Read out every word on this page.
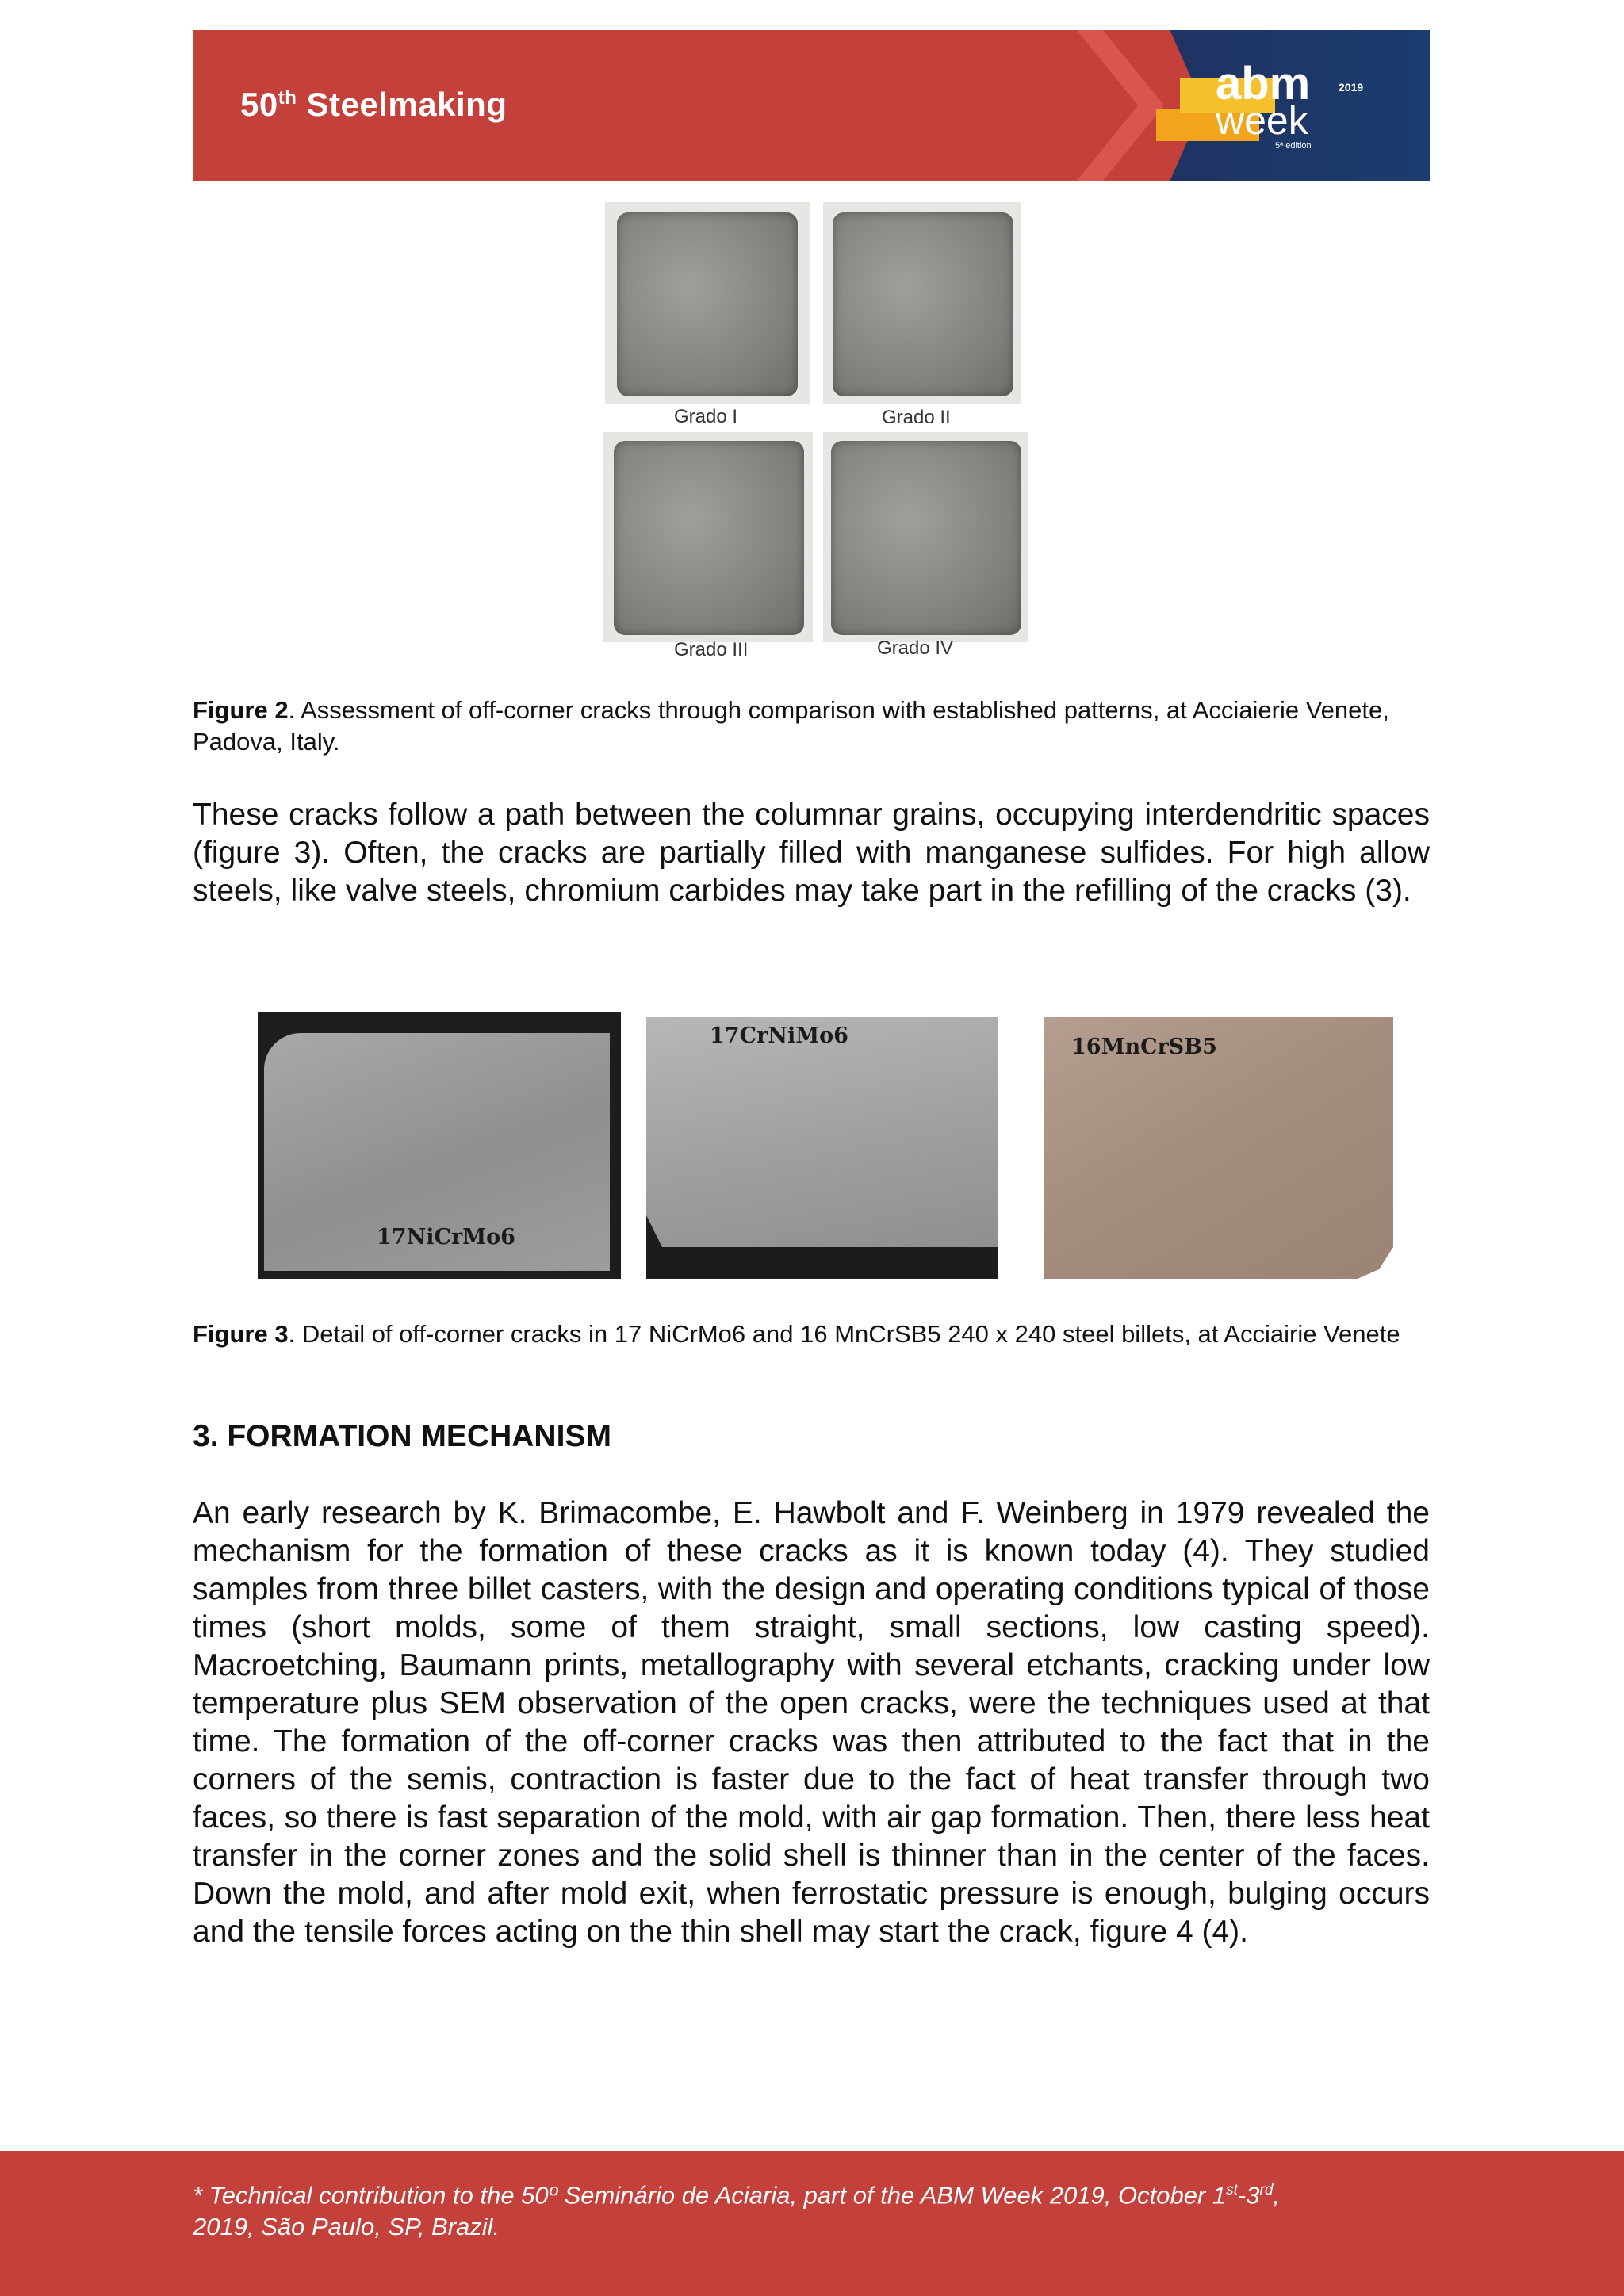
50th Steelmaking	abm
week
2019
5ª edition
Grado I	Grado II
Grado III	Grado IV
Figure 2. Assessment of off-corner cracks through comparison with established patterns, at Acciaierie Venete, Padova, Italy.
These cracks follow a path between the columnar grains, occupying interdendritic spaces (figure 3). Often, the cracks are partially filled with manganese sulfides. For high allow steels, like valve steels, chromium carbides may take part in the refilling of the cracks (3).
17NiCrMo6
17CrNiMo6	16MnCrSB5
Figure 3. Detail of off-corner cracks in 17 NiCrMo6 and 16 MnCrSB5 240 x 240 steel billets, at Acciairie Venete
3. FORMATION MECHANISM
An early research by K. Brimacombe, E. Hawbolt and F. Weinberg in 1979 revealed the mechanism for the formation of these cracks as it is known today (4). They studied samples from three billet casters, with the design and operating conditions typical of those times (short molds, some of them straight, small sections, low casting speed). Macroetching, Baumann prints, metallography with several etchants, cracking under low temperature plus SEM observation of the open cracks, were the techniques used at that time. The formation of the off-corner cracks was then attributed to the fact that in the corners of the semis, contraction is faster due to the fact of heat transfer through two faces, so there is fast separation of the mold, with air gap formation. Then, there less heat transfer in the corner zones and the solid shell is thinner than in the center of the faces. Down the mold, and after mold exit, when ferrostatic pressure is enough, bulging occurs and the tensile forces acting on the thin shell may start the crack, figure 4 (4).
* Technical contribution to the 50º Seminário de Aciaria, part of the ABM Week 2019, October 1st-3rd,
2019, São Paulo, SP, Brazil.
